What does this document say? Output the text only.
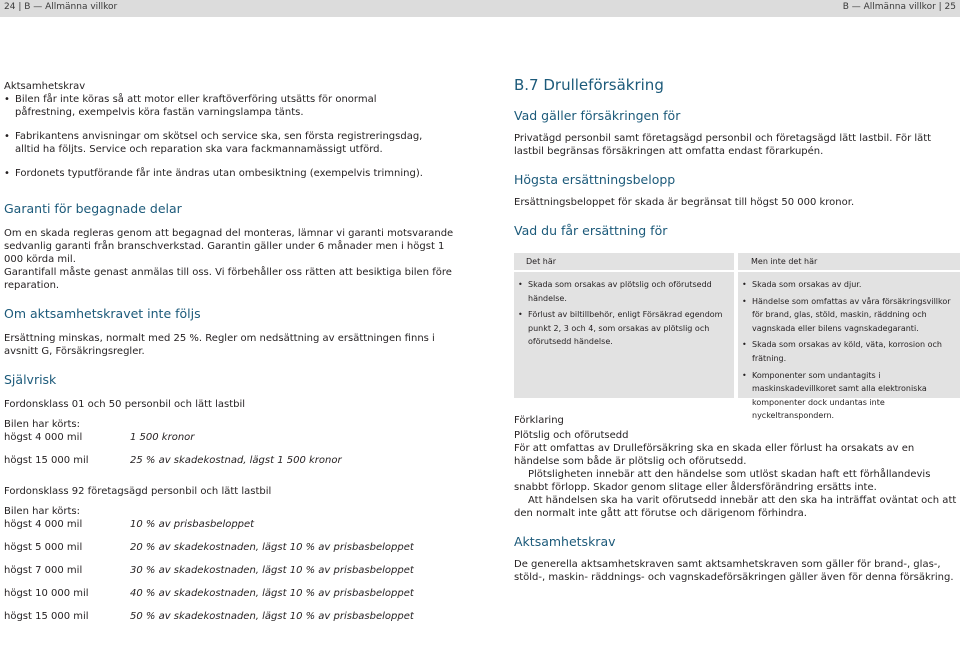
24 | B — Allmänna villkor	B — Allmänna villkor | 25
Aktsamhetskrav
• Bilen får inte köras så att motor eller kraftöverföring utsätts för onormal påfrestning, exempelvis köra fastän varningslampa tänts.
• Fabrikantens anvisningar om skötsel och service ska, sen första registreringsdag, alltid ha följts. Service och reparation ska vara fackmannamässigt utförd.
• Fordonets typutförande får inte ändras utan ombesiktning (exempelvis trimning).
Garanti för begagnade delar

Om en skada regleras genom att begagnad del monteras, lämnar vi garanti motsvarande sedvanlig garanti från branschverkstad. Garantin gäller under 6 månader men i högst 1 000 körda mil.

Garantifall måste genast anmälas till oss. Vi förbehåller oss rätten att besiktiga bilen före reparation.

Om aktsamhetskravet inte följs

Ersättning minskas, normalt med 25 %. Regler om nedsättning av ersättningen finns i avsnitt G, Försäkringsregler.

Självrisk
Fordonsklass 01 och 50 personbil och lätt lastbil
Bilen har körts:
högst 4 000 mil	1 500 kronor
högst 15 000 mil	25 % av skadekostnad, lägst 1 500 kronor
Fordonsklass 92 företagsägd personbil och lätt lastbil
Bilen har körts:
högst 4 000 mil	10 % av prisbasbeloppet
högst 5 000 mil	20 % av skadekostnaden, lägst 10 % av prisbasbeloppet
högst 7 000 mil	30 % av skadekostnaden, lägst 10 % av prisbasbeloppet
högst 10 000 mil	40 % av skadekostnaden, lägst 10 % av prisbasbeloppet
högst 15 000 mil	50 % av skadekostnaden, lägst 10 % av prisbasbeloppet
B.7 Drulleförsäkring
Vad gäller försäkringen för

Privatägd personbil samt företagsägd personbil och företagsägd lätt lastbil. För lätt lastbil begränsas försäkringen att omfatta endast förarkupén.

Högsta ersättningsbelopp

Ersättningsbeloppet för skada är begränsat till högst 50 000 kronor.

Vad du får ersättning för
Det här	Men inte det här
• Skada som orsakas av plötslig och oförutsedd händelse.
• Förlust av biltillbehör, enligt Försäkrad egendom punkt 2, 3 och 4, som orsakas av plötslig och oförutsedd händelse.
• Skada som orsakas av djur.
• Händelse som omfattas av våra försäkringsvillkor för brand, glas, stöld, maskin, räddning och vagnskada eller bilens vagnskadegaranti.
• Skada som orsakas av köld, väta, korrosion och frätning.
• Komponenter som undantagits i maskinskadevillkoret samt alla elektroniska komponenter dock undantas inte nyckeltranspondern.
Förklaring
Plötslig och oförutsedd

För att omfattas av Drulleförsäkring ska en skada eller förlust ha orsakats av en händelse som både är plötslig och oförutsedd.

Plötsligheten innebär att den händelse som utlöst skadan haft ett förhållandevis snabbt förlopp. Skador genom slitage eller åldersförändring ersätts inte.

Att händelsen ska ha varit oförutsedd innebär att den ska ha inträffat oväntat och att den normalt inte gått att förutse och därigenom förhindra.

Aktsamhetskrav

De generella aktsamhetskraven samt aktsamhetskraven som gäller för brand-, glas-, stöld-, maskin- räddnings- och vagnskadeförsäkringen gäller även för denna försäkring.
